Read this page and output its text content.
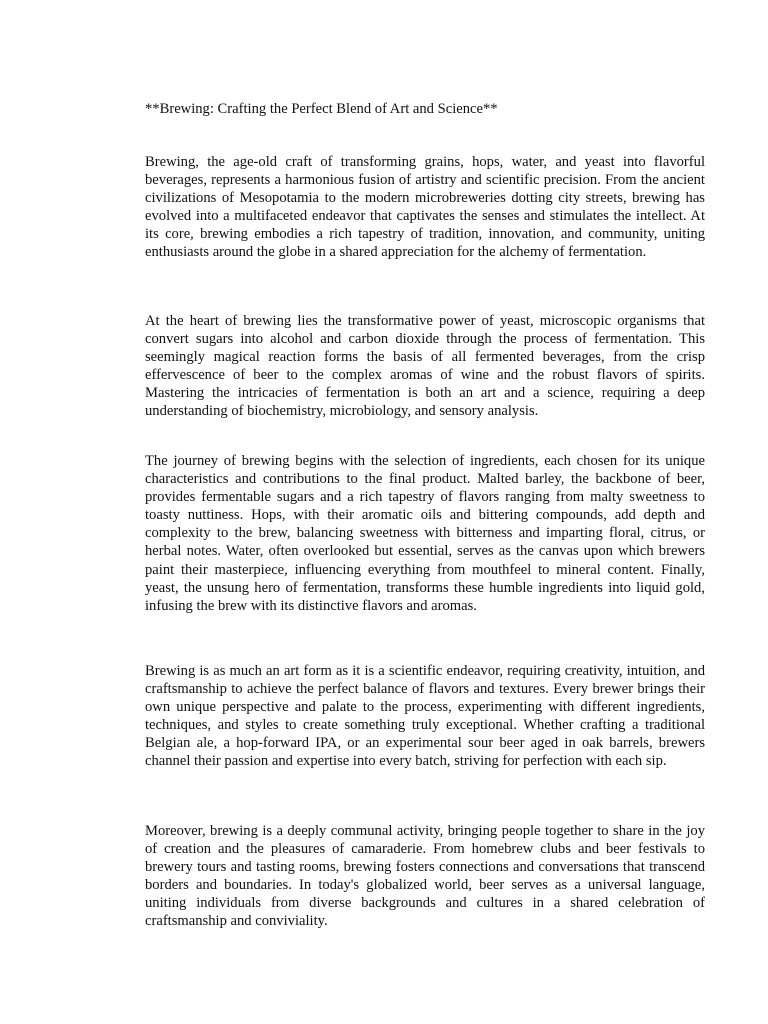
**Brewing: Crafting the Perfect Blend of Art and Science**

Brewing, the age-old craft of transforming grains, hops, water, and yeast into flavorful beverages, represents a harmonious fusion of artistry and scientific precision. From the ancient civilizations of Mesopotamia to the modern microbreweries dotting city streets, brewing has evolved into a multifaceted endeavor that captivates the senses and stimulates the intellect. At its core, brewing embodies a rich tapestry of tradition, innovation, and community, uniting enthusiasts around the globe in a shared appreciation for the alchemy of fermentation.

At the heart of brewing lies the transformative power of yeast, microscopic organisms that convert sugars into alcohol and carbon dioxide through the process of fermentation. This seemingly magical reaction forms the basis of all fermented beverages, from the crisp effervescence of beer to the complex aromas of wine and the robust flavors of spirits. Mastering the intricacies of fermentation is both an art and a science, requiring a deep understanding of biochemistry, microbiology, and sensory analysis.

The journey of brewing begins with the selection of ingredients, each chosen for its unique characteristics and contributions to the final product. Malted barley, the backbone of beer, provides fermentable sugars and a rich tapestry of flavors ranging from malty sweetness to toasty nuttiness. Hops, with their aromatic oils and bittering compounds, add depth and complexity to the brew, balancing sweetness with bitterness and imparting floral, citrus, or herbal notes. Water, often overlooked but essential, serves as the canvas upon which brewers paint their masterpiece, influencing everything from mouthfeel to mineral content. Finally, yeast, the unsung hero of fermentation, transforms these humble ingredients into liquid gold, infusing the brew with its distinctive flavors and aromas.

Brewing is as much an art form as it is a scientific endeavor, requiring creativity, intuition, and craftsmanship to achieve the perfect balance of flavors and textures. Every brewer brings their own unique perspective and palate to the process, experimenting with different ingredients, techniques, and styles to create something truly exceptional. Whether crafting a traditional Belgian ale, a hop-forward IPA, or an experimental sour beer aged in oak barrels, brewers channel their passion and expertise into every batch, striving for perfection with each sip.

Moreover, brewing is a deeply communal activity, bringing people together to share in the joy of creation and the pleasures of camaraderie. From homebrew clubs and beer festivals to brewery tours and tasting rooms, brewing fosters connections and conversations that transcend borders and boundaries. In today's globalized world, beer serves as a universal language, uniting individuals from diverse backgrounds and cultures in a shared celebration of craftsmanship and conviviality.
